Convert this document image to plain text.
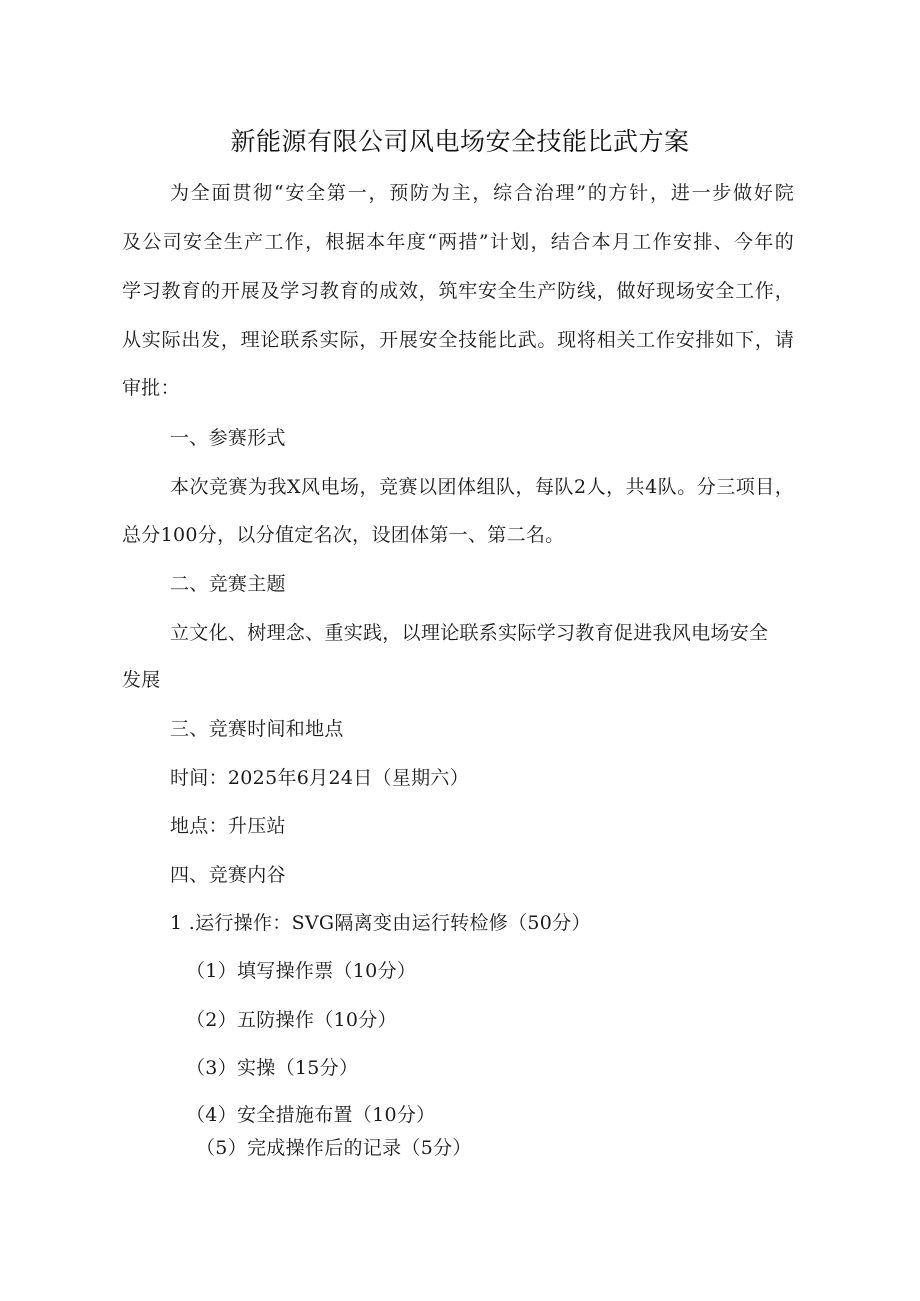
新能源有限公司风电场安全技能比武方案
为全面贯彻“安全第一，预防为主，综合治理”的方针，进一步做好院
及公司安全生产工作，根据本年度“两措”计划，结合本月工作安排、今年的
学习教育的开展及学习教育的成效，筑牢安全生产防线，做好现场安全工作，
从实际出发，理论联系实际，开展安全技能比武。现将相关工作安排如下，请
审批：
一、参赛形式
本次竞赛为我X风电场，竞赛以团体组队，每队2人，共4队。分三项目，
总分100分，以分值定名次，设团体第一、第二名。
二、竞赛主题
立文化、树理念、重实践，以理论联系实际学习教育促进我风电场安全
发展
三、竞赛时间和地点
时间：2025年6月24日（星期六）
地点：升压站
四、竞赛内谷
1 .运行操作：SVG隔离变由运行转检修（50分）
（1）填写操作票（10分）
（2）五防操作（10分）
（3）实操（15分）
（4）安全措施布置（10分）
（5）完成操作后的记录（5分）
